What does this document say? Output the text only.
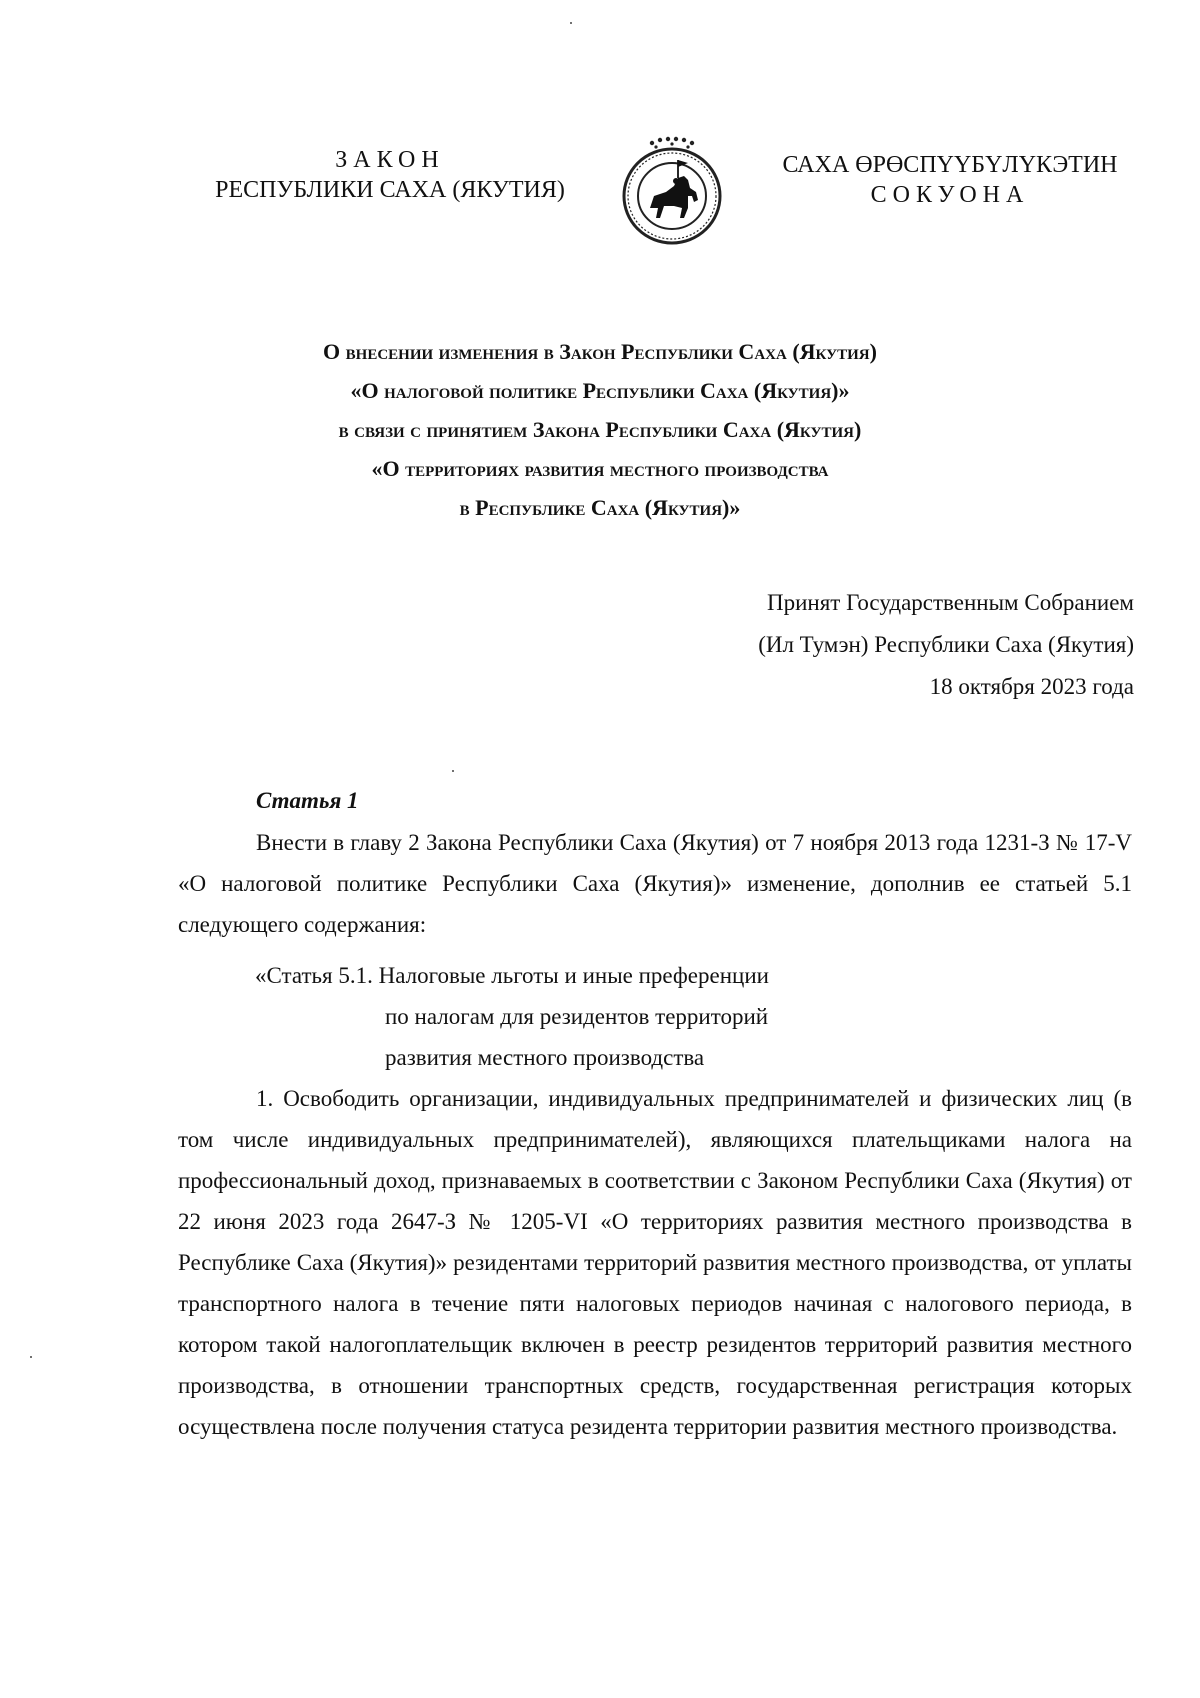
ЗАКОН
РЕСПУБЛИКИ САХА (ЯКУТИЯ)
САХА ӨРӨСПҮҮБҮЛҮКЭТИН
СОКУОНА
О внесении изменения в Закон Республики Саха (Якутия)
«О налоговой политике Республики Саха (Якутия)»
в связи с принятием Закона Республики Саха (Якутия)
«О территориях развития местного производства
в Республике Саха (Якутия)»
Принят Государственным Собранием
(Ил Тумэн) Республики Саха (Якутия)
18 октября 2023 года
Статья 1
Внести в главу 2 Закона Республики Саха (Якутия) от 7 ноября 2013 года 1231-З № 17-V «О налоговой политике Республики Саха (Якутия)» изменение, дополнив ее статьей 5.1 следующего содержания:
«Статья 5.1. Налоговые льготы и иные преференции
по налогам для резидентов территорий
развития местного производства
1. Освободить организации, индивидуальных предпринимателей и физических лиц (в том числе индивидуальных предпринимателей), являющихся плательщиками налога на профессиональный доход, признаваемых в соответствии с Законом Республики Саха (Якутия) от 22 июня 2023 года 2647-З № 1205-VI «О территориях развития местного производства в Республике Саха (Якутия)» резидентами территорий развития местного производства, от уплаты транспортного налога в течение пяти налоговых периодов начиная с налогового периода, в котором такой налогоплательщик включен в реестр резидентов территорий развития местного производства, в отношении транспортных средств, государственная регистрация которых осуществлена после получения статуса резидента территории развития местного производства.
